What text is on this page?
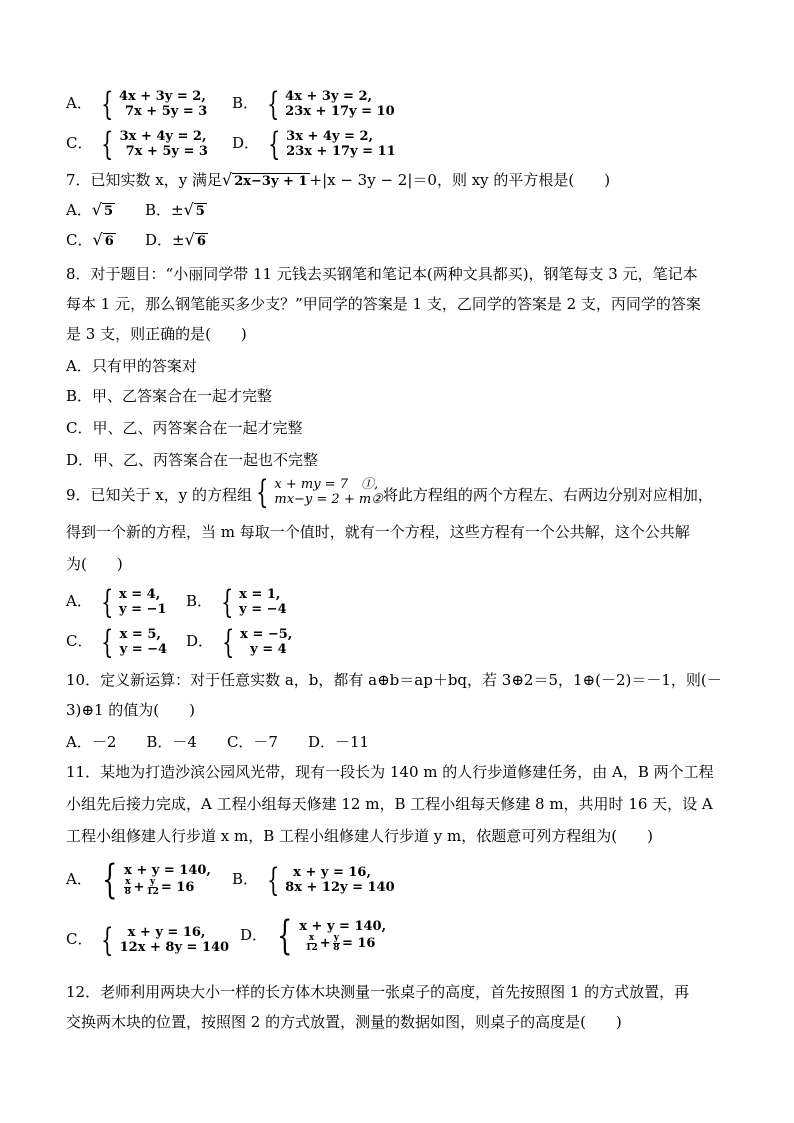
A． { 4x + 3y = 2,
7x + 5y = 3 B． { 4x + 3y = 2,
23x + 17y = 10
C． { 3x + 4y = 2,
7x + 5y = 3 D． { 3x + 4y = 2,
23x + 17y = 11
7．已知实数 x，y 满足√ 2x−3y + 1 +|x − 3y − 2|＝0，则 xy 的平方根是(　　)
A．√ 5 B．±√ 5
C．√ 6 D．±√ 6
8．对于题目：“小丽同学带 11 元钱去买钢笔和笔记本(两种文具都买)，钢笔每支 3 元，笔记本
每本 1 元，那么钢笔能买多少支？”甲同学的答案是 1 支，乙同学的答案是 2 支，丙同学的答案
是 3 支，则正确的是(　　)
A．只有甲的答案对
B．甲、乙答案合在一起才完整
C．甲、乙、丙答案合在一起才完整
D．甲、乙、丙答案合在一起也不完整
9．已知关于 x，y 的方程组 { x + my = 7　①,
mx−y = 2 + m② 将此方程组的两个方程左、右两边分别对应相加，
得到一个新的方程，当 m 每取一个值时，就有一个方程，这些方程有一个公共解，这个公共解
为(　　)
A． { x = 4,
y = −1 B． { x = 1,
y = −4
C． { x = 5,
y = −4 D． { x = −5,
y = 4
10．定义新运算：对于任意实数 a，b，都有 a⊕b＝ap＋bq，若 3⊕2＝5，1⊕(－2)＝－1，则(－
3)⊕1 的值为(　　)
A．－2　　B．－4　　C．－7　　D．－11
11．某地为打造沙滨公园风光带，现有一段长为 140 m 的人行步道修建任务，由 A，B 两个工程
小组先后接力完成，A 工程小组每天修建 12 m，B 工程小组每天修建 8 m，共用时 16 天，设 A
工程小组修建人行步道 x m，B 工程小组修建人行步道 y m，依题意可列方程组为(　　)
A． { x + y = 140,
$\frac{x}{8} + \frac{y}{12} = 16$	B． {	x + y = 16,
8x + 12y = 140
C． {	x + y = 16,
12x + 8y = 140
D． { x + y = 140,
$\frac{x}{12} + \frac{y}{8} = 16$
12．老师利用两块大小一样的长方体木块测量一张桌子的高度，首先按照图 1 的方式放置，再
交换两木块的位置，按照图 2 的方式放置，测量的数据如图，则桌子的高度是(　　)
